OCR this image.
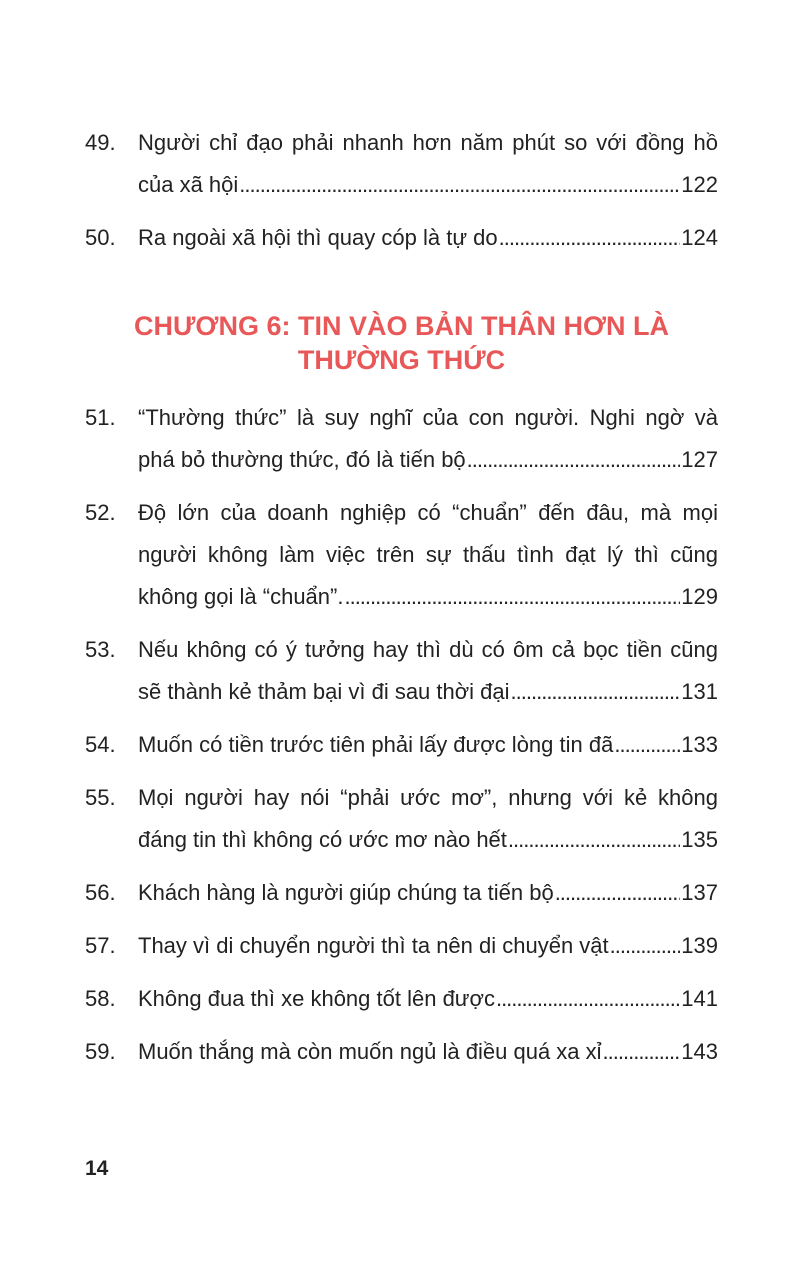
49.	Người chỉ đạo phải nhanh hơn năm phút so với đồng hồ
của xã hội .....	122
50.	Ra ngoài xã hội thì quay cóp là tự do .....	124
CHƯƠNG 6: TIN VÀO BẢN THÂN HƠN LÀ
THƯỜNG THỨC
51.	“Thường thức” là suy nghĩ của con người. Nghi ngờ và
phá bỏ thường thức, đó là tiến bộ .....	127
52.	Độ lớn của doanh nghiệp có “chuẩn” đến đâu, mà mọi
người không làm việc trên sự thấu tình đạt lý thì cũng
không gọi là “chuẩn”. .....	129
53.	Nếu không có ý tưởng hay thì dù có ôm cả bọc tiền cũng
sẽ thành kẻ thảm bại vì đi sau thời đại .....	131
54.	Muốn có tiền trước tiên phải lấy được lòng tin đã .....	133
55.	Mọi người hay nói “phải ước mơ”, nhưng với kẻ không
đáng tin thì không có ước mơ nào hết .....	135
56.	Khách hàng là người giúp chúng ta tiến bộ .....	137
57.	Thay vì di chuyển người thì ta nên di chuyển vật .....	139
58.	Không đua thì xe không tốt lên được .....	141
59.	Muốn thắng mà còn muốn ngủ là điều quá xa xỉ .....	143
14
